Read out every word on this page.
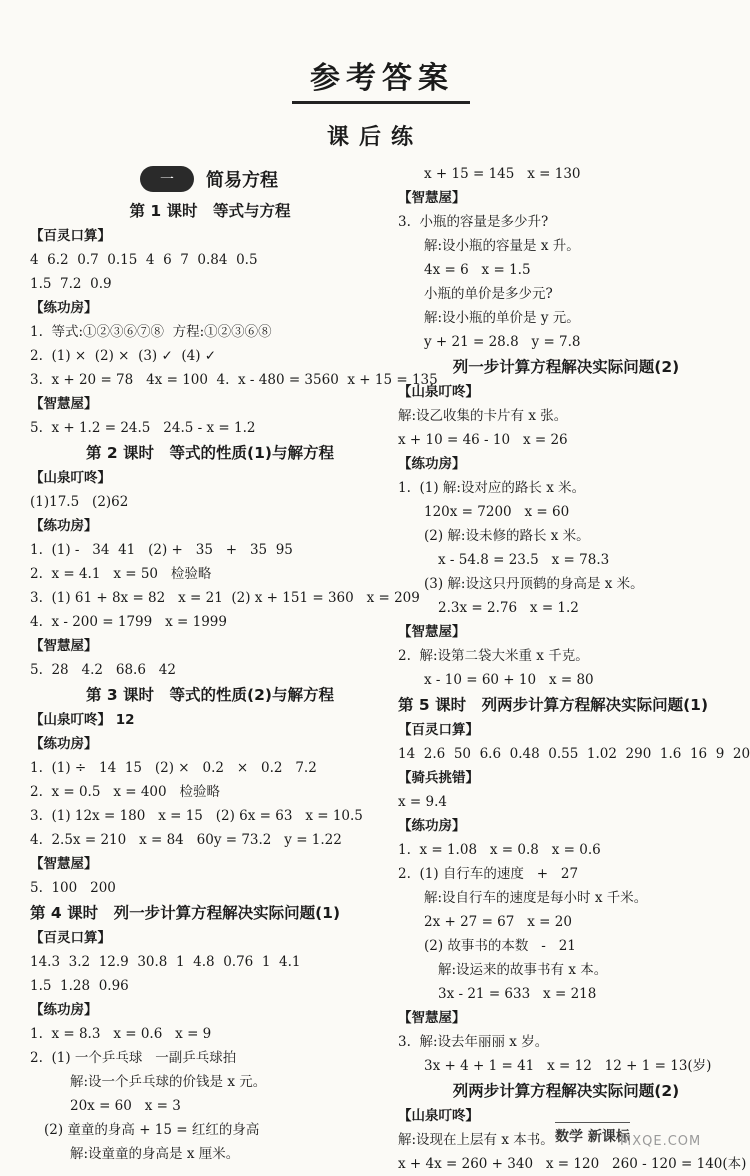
参考答案
课后练
一	简易方程
第 1 课时　等式与方程
【百灵口算】
4  6.2  0.7  0.15  4  6  7  0.84  0.5
1.5  7.2  0.9
【练功房】
1.  等式:①②③⑥⑦⑧  方程:①②③⑥⑧
2.  (1) ×  (2) ×  (3) ✓  (4) ✓
3.  x + 20 = 78   4x = 100  4.  x - 480 = 3560  x + 15 = 135
【智慧屋】
5.  x + 1.2 = 24.5   24.5 - x = 1.2
第 2 课时　等式的性质(1)与解方程
【山泉叮咚】
(1)17.5   (2)62
【练功房】
1.  (1) -   34  41   (2) +   35   +   35  95
2.  x = 4.1   x = 50   检验略
3.  (1) 61 + 8x = 82   x = 21  (2) x + 151 = 360   x = 209
4.  x - 200 = 1799   x = 1999
【智慧屋】
5.  28   4.2   68.6   42
第 3 课时　等式的性质(2)与解方程
【山泉叮咚】 12
【练功房】
1.  (1) ÷   14  15   (2) ×   0.2   ×   0.2   7.2
2.  x = 0.5   x = 400   检验略
3.  (1) 12x = 180   x = 15   (2) 6x = 63   x = 10.5
4.  2.5x = 210   x = 84   60y = 73.2   y = 1.22
【智慧屋】
5.  100   200
第 4 课时　列一步计算方程解决实际问题(1)
【百灵口算】
14.3  3.2  12.9  30.8  1  4.8  0.76  1  4.1
1.5  1.28  0.96
【练功房】
1.  x = 8.3   x = 0.6   x = 9
2.  (1) 一个乒乓球   一副乒乓球拍
解:设一个乒乓球的价钱是 x 元。
20x = 60   x = 3
(2) 童童的身高 + 15 = 红红的身高
解:设童童的身高是 x 厘米。
x + 15 = 145   x = 130
【智慧屋】
3.  小瓶的容量是多少升?
解:设小瓶的容量是 x 升。
4x = 6   x = 1.5
小瓶的单价是多少元?
解:设小瓶的单价是 y 元。
y + 21 = 28.8   y = 7.8
列一步计算方程解决实际问题(2)
【山泉叮咚】
解:设乙收集的卡片有 x 张。
x + 10 = 46 - 10   x = 26
【练功房】
1.  (1) 解:设对应的路长 x 米。
120x = 7200   x = 60
(2) 解:设未修的路长 x 米。
x - 54.8 = 23.5   x = 78.3
(3) 解:设这只丹顶鹤的身高是 x 米。
2.3x = 2.76   x = 1.2
【智慧屋】
2.  解:设第二袋大米重 x 千克。
x - 10 = 60 + 10   x = 80
第 5 课时　列两步计算方程解决实际问题(1)
【百灵口算】
14  2.6  50  6.6  0.48  0.55  1.02  290  1.6  16  9  20
【骑兵挑错】
x = 9.4
【练功房】
1.  x = 1.08   x = 0.8   x = 0.6
2.  (1) 自行车的速度   +   27
解:设自行车的速度是每小时 x 千米。
2x + 27 = 67   x = 20
(2) 故事书的本数   -   21
解:设运来的故事书有 x 本。
3x - 21 = 633   x = 218
【智慧屋】
3.  解:设去年丽丽 x 岁。
3x + 4 + 1 = 41   x = 12   12 + 1 = 13(岁)
列两步计算方程解决实际问题(2)
【山泉叮咚】
解:设现在上层有 x 本书。
x + 4x = 260 + 340   x = 120   260 - 120 = 140(本)
数学 新课标
MXQE.COM
